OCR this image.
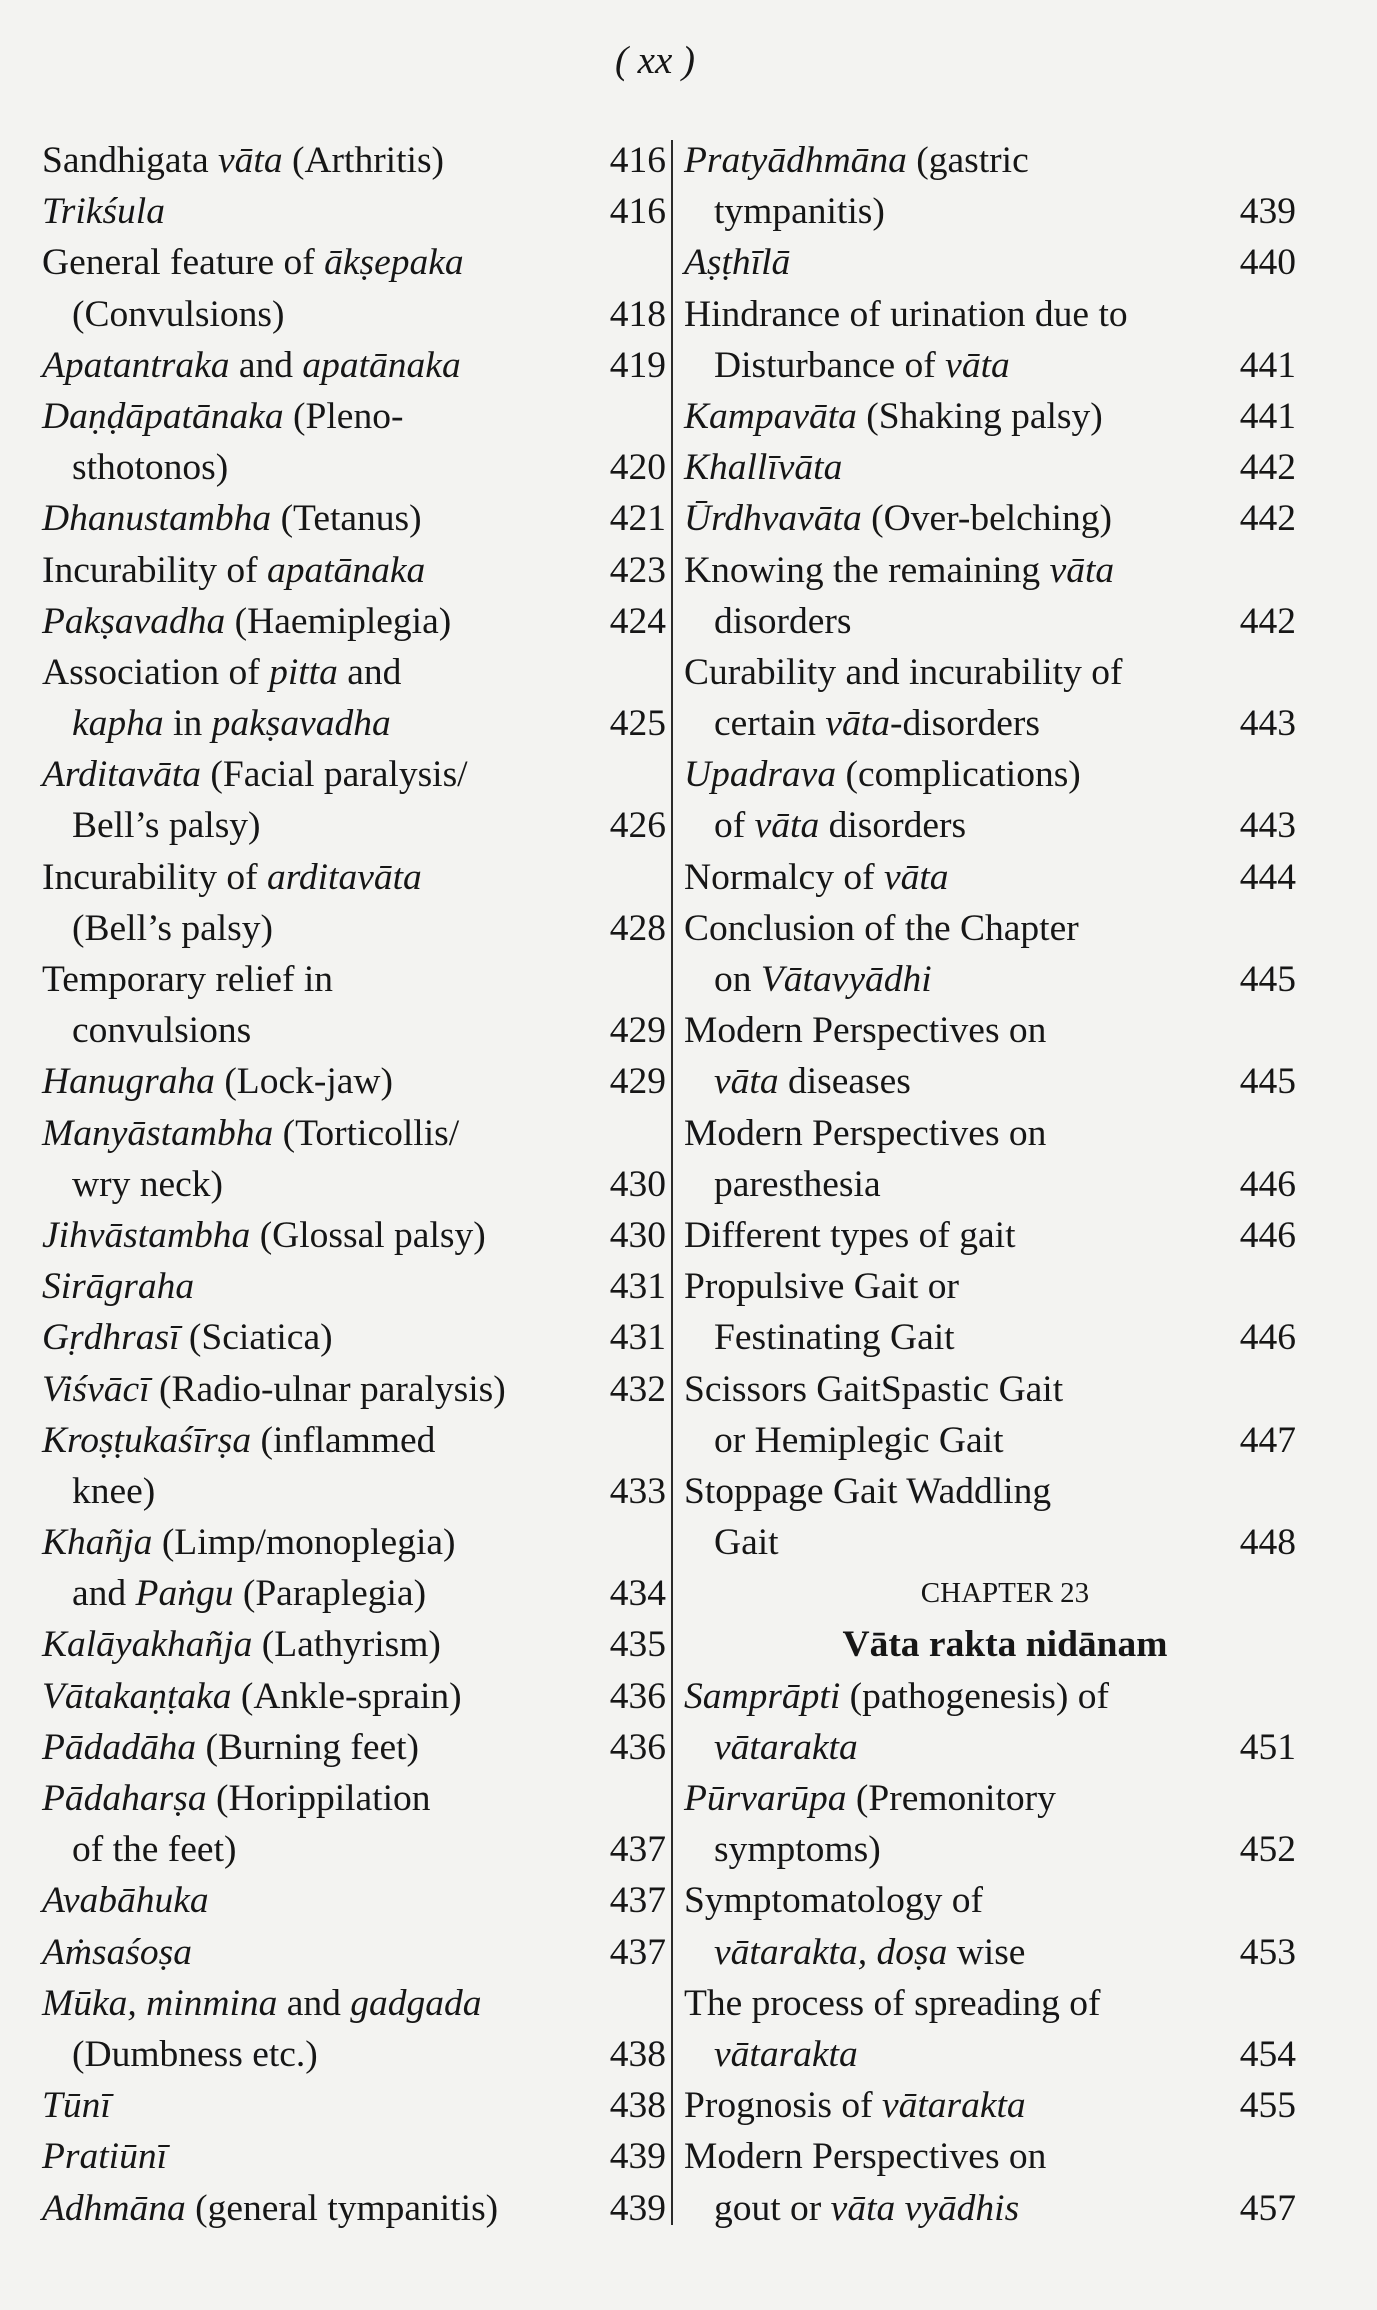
( xx )
Sandhigata vāta (Arthritis)	416
Trikśula	416
General feature of ākṣepaka
(Convulsions)	418
Apatantraka and apatānaka	419
Daṇḍāpatānaka (Pleno-
sthotonos)	420
Dhanustambha (Tetanus)	421
Incurability of apatānaka	423
Pakṣavadha (Haemiplegia)	424
Association of pitta and
kapha in pakṣavadha	425
Arditavāta (Facial paralysis/
Bell’s palsy)	426
Incurability of arditavāta
(Bell’s palsy)	428
Temporary relief in
convulsions	429
Hanugraha (Lock-jaw)	429
Manyāstambha (Torticollis/
wry neck)	430
Jihvāstambha (Glossal palsy)	430
Sirāgraha	431
Gṛdhrasī (Sciatica)	431
Viśvācī (Radio-ulnar paralysis)	432
Kroṣṭukaśīrṣa (inflammed
knee)	433
Khañja (Limp/monoplegia)
and Paṅgu (Paraplegia)	434
Kalāyakhañja (Lathyrism)	435
Vātakaṇṭaka (Ankle-sprain)	436
Pādadāha (Burning feet)	436
Pādaharṣa (Horippilation
of the feet)	437
Avabāhuka	437
Aṁsaśoṣa	437
Mūka, minmina and gadgada
(Dumbness etc.)	438
Tūnī	438
Pratiūnī	439
Adhmāna (general tympanitis)	439
Pratyādhmāna (gastric
tympanitis)	439
Aṣṭhīlā	440
Hindrance of urination due to
Disturbance of vāta	441
Kampavāta (Shaking palsy)	441
Khallīvāta	442
Ūrdhvavāta (Over-belching)	442
Knowing the remaining vāta
disorders	442
Curability and incurability of
certain vāta-disorders	443
Upadrava (complications)
of vāta disorders	443
Normalcy of vāta	444
Conclusion of the Chapter
on Vātavyādhi	445
Modern Perspectives on
vāta diseases	445
Modern Perspectives on
paresthesia	446
Different types of gait	446
Propulsive Gait or
Festinating Gait	446
Scissors GaitSpastic Gait
or Hemiplegic Gait	447
Stoppage Gait Waddling
Gait	448
CHAPTER 23
Vāta rakta nidānam
Samprāpti (pathogenesis) of
vātarakta	451
Pūrvarūpa (Premonitory
symptoms)	452
Symptomatology of
vātarakta, doṣa wise	453
The process of spreading of
vātarakta	454
Prognosis of vātarakta	455
Modern Perspectives on
gout or vāta vyādhis	457
